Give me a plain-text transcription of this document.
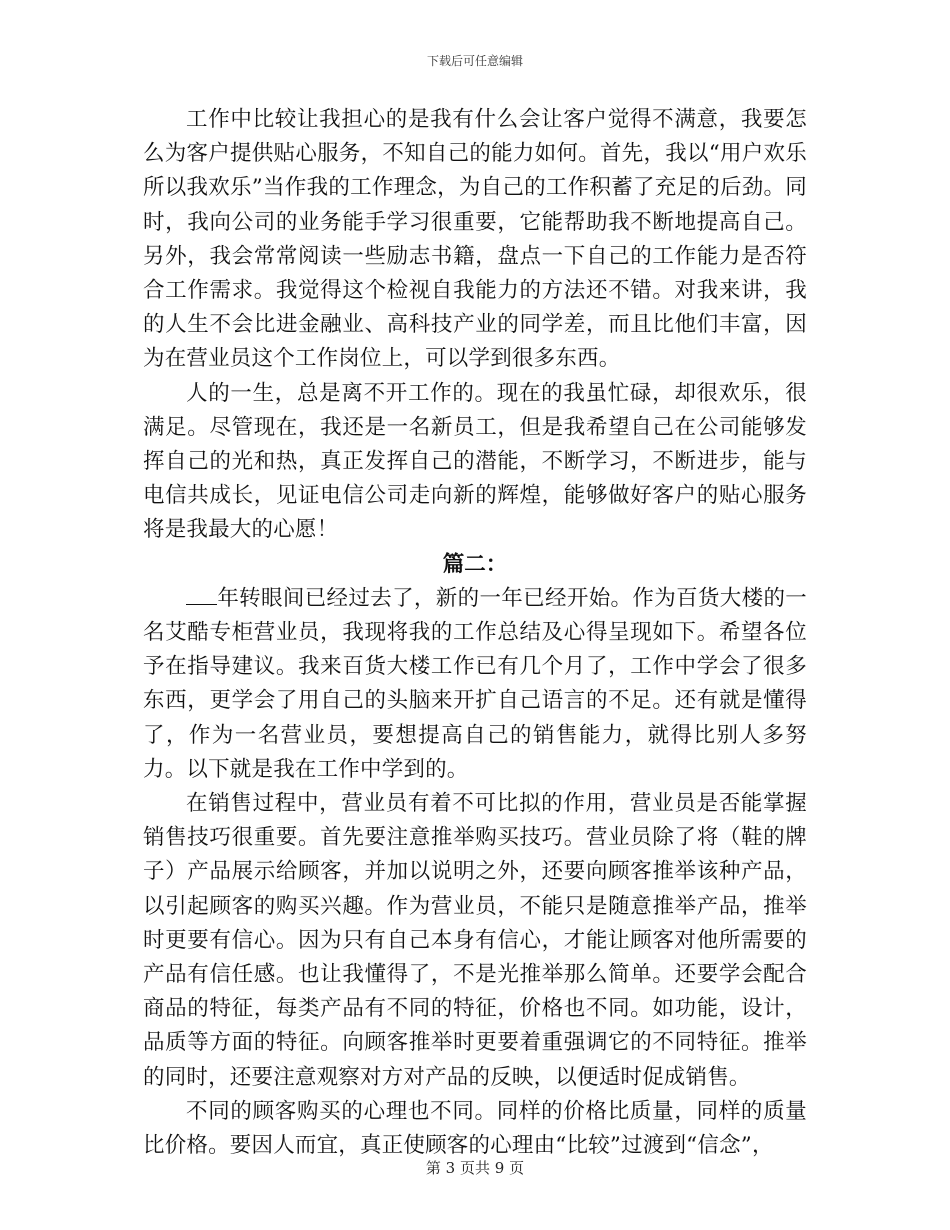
下载后可任意编辑

工作中比较让我担心的是我有什么会让客户觉得不满意，我要怎么为客户提供贴心服务，不知自己的能力如何。首先，我以“用户欢乐所以我欢乐”当作我的工作理念，为自己的工作积蓄了充足的后劲。同时，我向公司的业务能手学习很重要，它能帮助我不断地提高自己。另外，我会常常阅读一些励志书籍，盘点一下自己的工作能力是否符合工作需求。我觉得这个检视自我能力的方法还不错。对我来讲，我的人生不会比进金融业、高科技产业的同学差，而且比他们丰富，因为在营业员这个工作岗位上，可以学到很多东西。

人的一生，总是离不开工作的。现在的我虽忙碌，却很欢乐，很满足。尽管现在，我还是一名新员工，但是我希望自己在公司能够发挥自己的光和热，真正发挥自己的潜能，不断学习，不断进步，能与电信共成长，见证电信公司走向新的辉煌，能够做好客户的贴心服务将是我最大的心愿！

篇二：

年转眼间已经过去了，新的一年已经开始。作为百货大楼的一名艾酷专柜营业员，我现将我的工作总结及心得呈现如下。希望各位予在指导建议。我来百货大楼工作已有几个月了，工作中学会了很多东西，更学会了用自己的头脑来开扩自己语言的不足。还有就是懂得了，作为一名营业员，要想提高自己的销售能力，就得比别人多努力。以下就是我在工作中学到的。

在销售过程中，营业员有着不可比拟的作用，营业员是否能掌握销售技巧很重要。首先要注意推举购买技巧。营业员除了将（鞋的牌子）产品展示给顾客，并加以说明之外，还要向顾客推举该种产品，以引起顾客的购买兴趣。作为营业员，不能只是随意推举产品，推举时更要有信心。因为只有自己本身有信心，才能让顾客对他所需要的产品有信任感。也让我懂得了，不是光推举那么简单。还要学会配合商品的特征，每类产品有不同的特征，价格也不同。如功能，设计，品质等方面的特征。向顾客推举时更要着重强调它的不同特征。推举的同时，还要注意观察对方对产品的反映，以便适时促成销售。

不同的顾客购买的心理也不同。同样的价格比质量，同样的质量比价格。要因人而宜，真正使顾客的心理由“比较”过渡到“信念”，

第 3 页共 9 页
